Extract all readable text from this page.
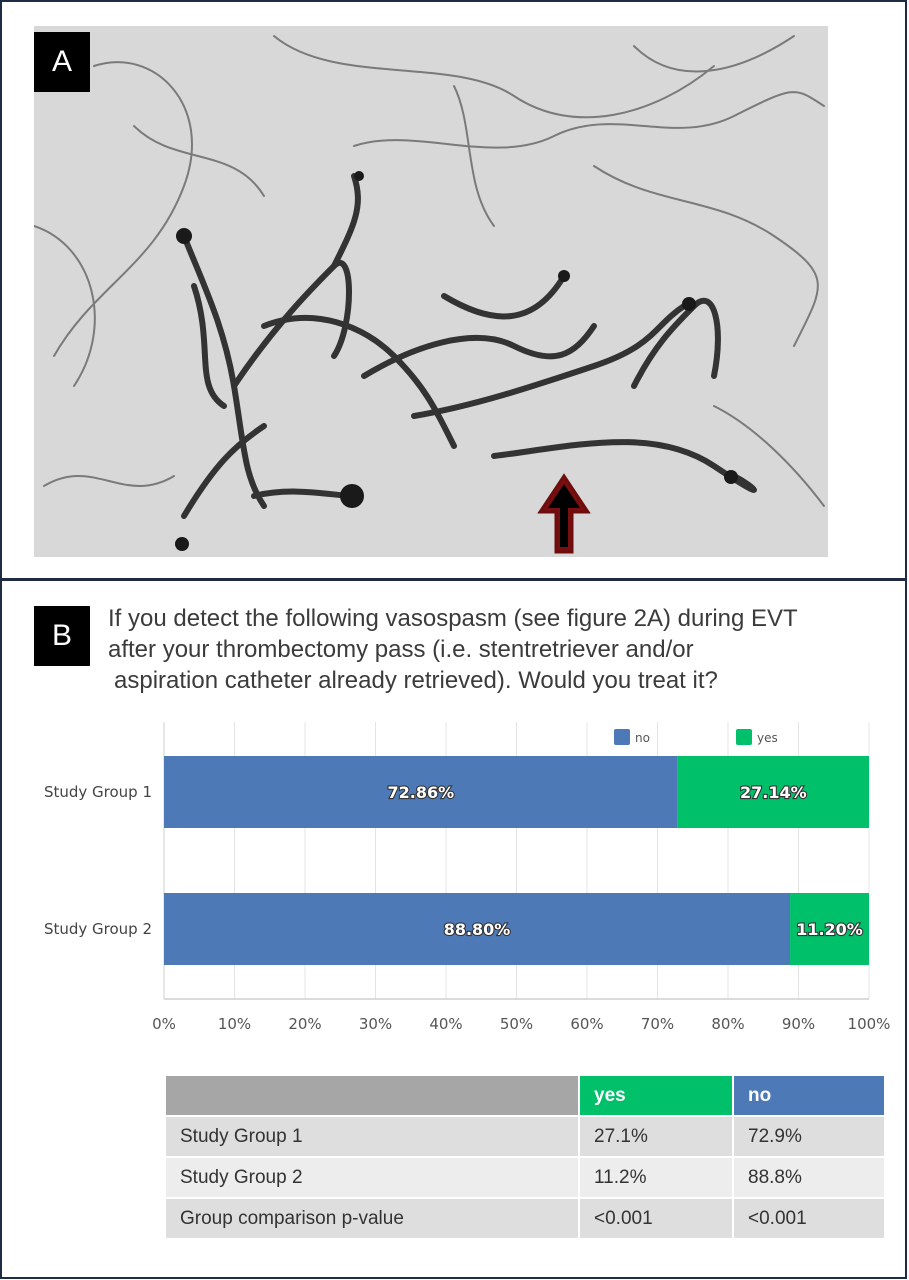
A
B
If you detect the following vasospasm (see figure 2A) during EVT
after your thrombectomy pass (i.e. stentretriever and/or
aspiration catheter already retrieved). Would you treat it?
0%	10% 20% 30% 40% 50% 60% 70% 80% 90% 100%
Study Group 1	72.86%	27.14%
Study Group 2	88.80%	11.20%
no	yes
	yes	no
Study Group 1	27.1%	72.9%
Study Group 2	11.2%	88.8%
Group comparison p-value	<0.001	<0.001
